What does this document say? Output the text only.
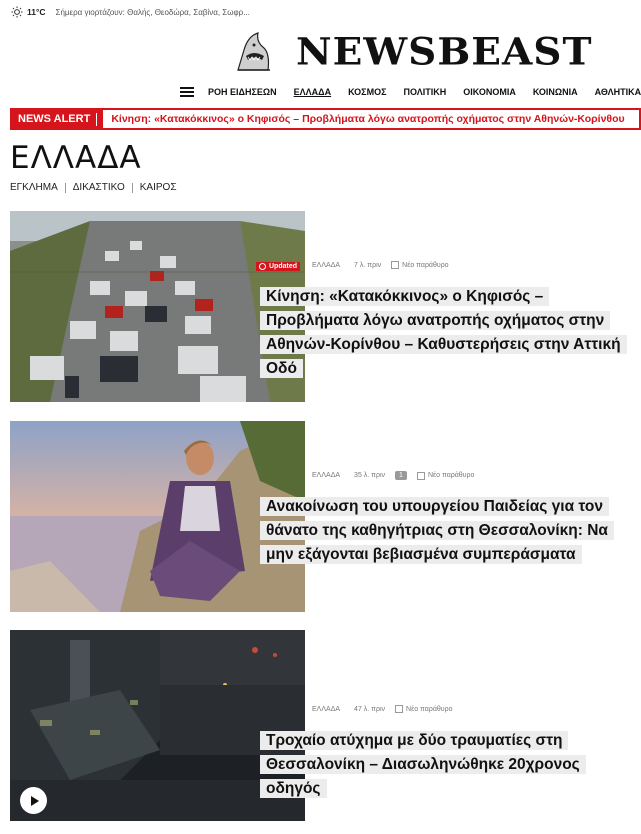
11°C Σήμερα γιορτάζουν: Θαλής, Θεοδώρα, Σαβίνα, Σωφρ...
NEWSBEAST
ΡΟΗ ΕΙΔΗΣΕΩΝ ΕΛΛΑΔΑ ΚΟΣΜΟΣ ΠΟΛΙΤΙΚΗ ΟΙΚΟΝΟΜΙΑ ΚΟΙΝΩΝΙΑ ΑΘΛΗΤΙΚΑ
NEWS ALERT	Κίνηση: «Κατακόκκινος» ο Κηφισός – Προβλήματα λόγω ανατροπής οχήματος στην Αθηνών-Κορίνθου
ΕΛΛΑΔΑ
ΕΓΚΛΗΜΑ ΔΙΚΑΣΤΙΚΟ ΚΑΙΡΟΣ
Updated ΕΛΛΑΔΑ 7 λ. πριν	Νέο παράθυρο
Κίνηση: «Κατακόκκινος» ο Κηφισός – Προβλήματα λόγω ανατροπής οχήματος στην Αθηνών-Κορίνθου – Καθυστερήσεις στην Αττική Οδό
ΕΛΛΑΔΑ 35 λ. πριν	1	Νέο παράθυρο
Ανακοίνωση του υπουργείου Παιδείας για τον θάνατο της καθηγήτριας στη Θεσσαλονίκη: Να μην εξάγονται βεβιασμένα συμπεράσματα
ΕΛΛΑΔΑ 47 λ. πριν	Νέο παράθυρο
Τροχαίο ατύχημα με δύο τραυματίες στη Θεσσαλονίκη – Διασωληνώθηκε 20χρονος οδηγός
